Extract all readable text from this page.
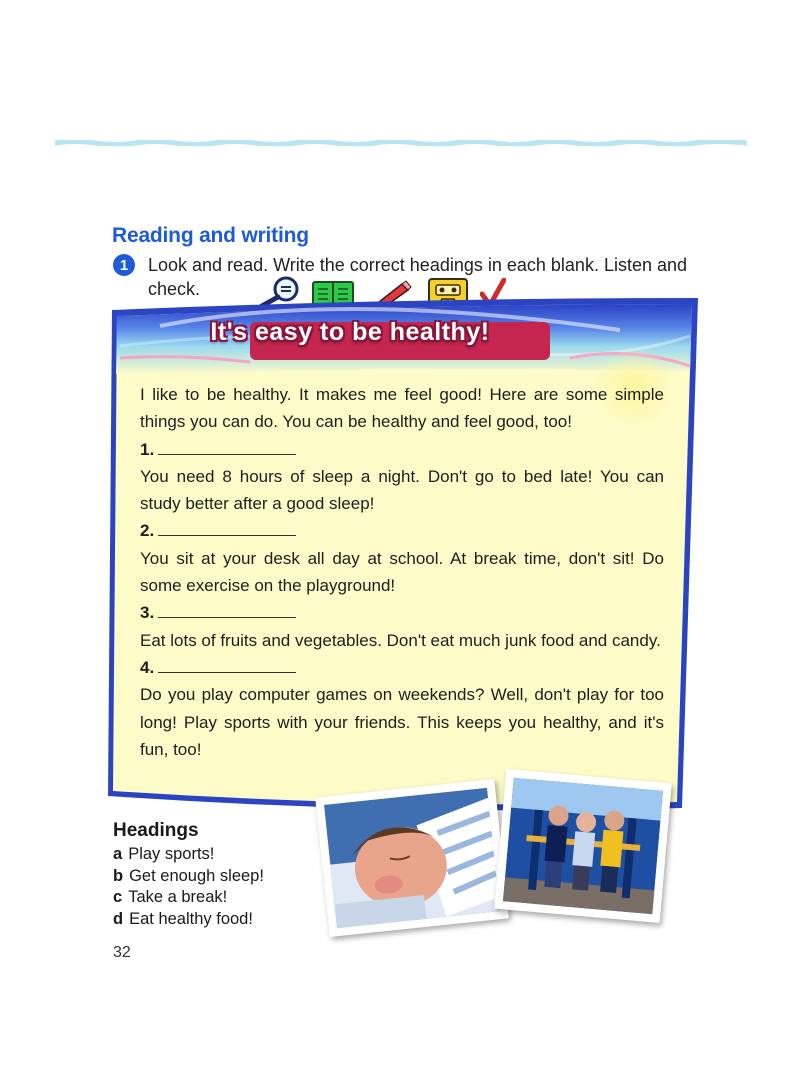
Reading and writing
1	Look and read. Write the correct headings in each blank. Listen and check.

It's easy to be healthy!

I like to be healthy. It makes me feel good! Here are some simple things you can do. You can be healthy and feel good, too!

1.

You need 8 hours of sleep a night. Don't go to bed late! You can study better after a good sleep!

2.

You sit at your desk all day at school. At break time, don't sit! Do some exercise on the playground!

3.

Eat lots of fruits and vegetables. Don't eat much junk food and candy.

4.

Do you play computer games on weekends? Well, don't play for too long! Play sports with your friends. This keeps you healthy, and it's fun, too!

Headings
a Play sports!
b Get enough sleep!
c Take a break!
d Eat healthy food!

32
